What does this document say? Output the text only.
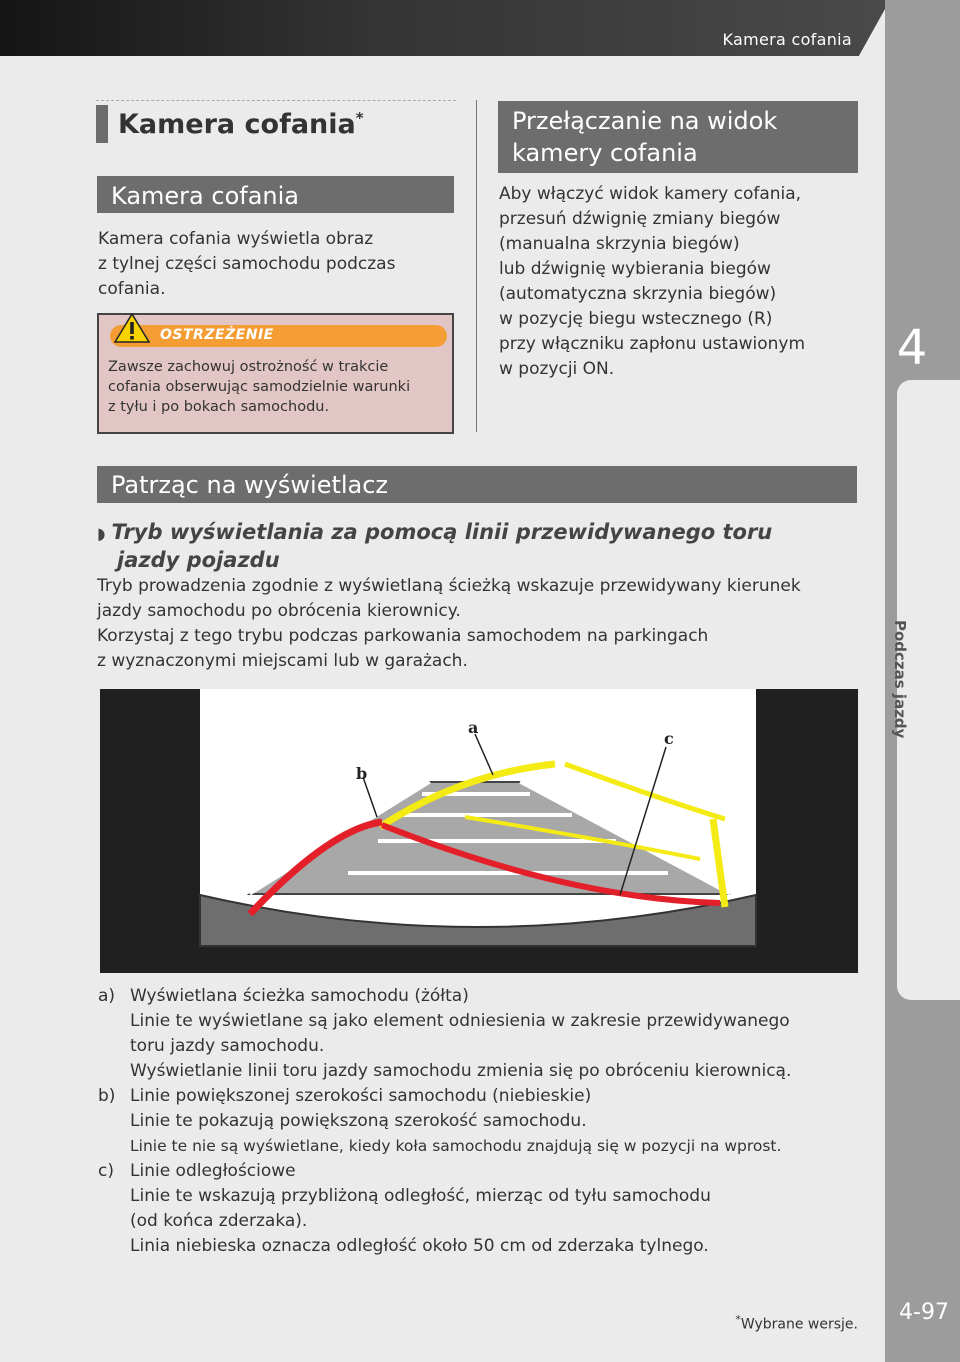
Kamera cofania
4
Podczas jazdy
4-97
Kamera cofania*
Kamera cofania
Kamera cofania wyświetla obraz
z tylnej części samochodu podczas
cofania.
OSTRZEŻENIE
Zawsze zachowuj ostrożność w trakcie
cofania obserwując samodzielnie warunki
z tyłu i po bokach samochodu.
Przełączanie na widok
kamery cofania
Aby włączyć widok kamery cofania,
przesuń dźwignię zmiany biegów
(manualna skrzynia biegów)
lub dźwignię wybierania biegów
(automatyczna skrzynia biegów)
w pozycję biegu wstecznego (R)
przy włączniku zapłonu ustawionym
w pozycji ON.
Patrząc na wyświetlacz
◗ Tryb wyświetlania za pomocą linii przewidywanego toru
jazdy pojazdu
Tryb prowadzenia zgodnie z wyświetlaną ścieżką wskazuje przewidywany kierunek
jazdy samochodu po obrócenia kierownicy.
Korzystaj z tego trybu podczas parkowania samochodem na parkingach
z wyznaczonymi miejscami lub w garażach.
a
b
c
a) Wyświetlana ścieżka samochodu (żółta)
Linie te wyświetlane są jako element odniesienia w zakresie przewidywanego
toru jazdy samochodu.
Wyświetlanie linii toru jazdy samochodu zmienia się po obróceniu kierownicą.
b) Linie powiększonej szerokości samochodu (niebieskie)
Linie te pokazują powiększoną szerokość samochodu.
Linie te nie są wyświetlane, kiedy koła samochodu znajdują się w pozycji na wprost.
c) Linie odległościowe
Linie te wskazują przybliżoną odległość, mierząc od tyłu samochodu
(od końca zderzaka).
Linia niebieska oznacza odległość około 50 cm od zderzaka tylnego.
*Wybrane wersje.
